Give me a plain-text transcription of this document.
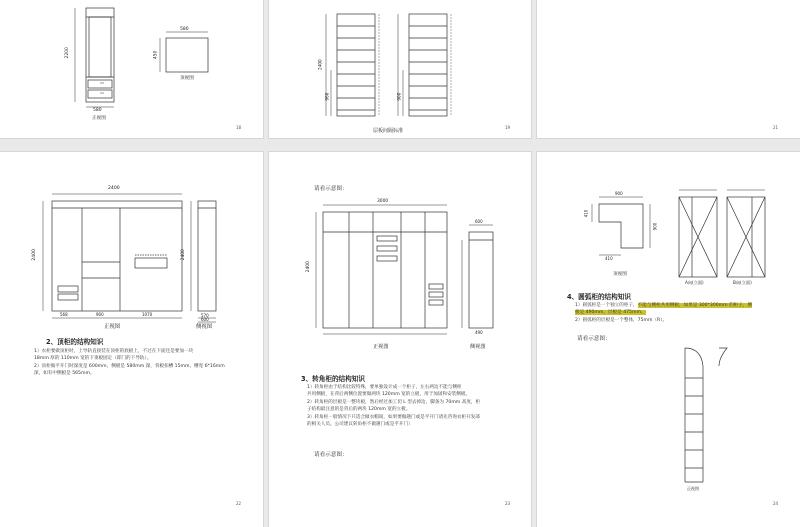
580
2200
580
450
正视图
顶视图
18
2400
960	900
层板间隔标准
19	21
2400
2400	2400
570
600
568	900	1070
正视图	侧视图
2、顶柜的结构知识
1）衣柜要做顶柜时，上导轨直接装在顶柜的底板上，不过在下面还是要加一块
18mm 厚的 110mm 宽的下垂板固定（即门的下导轨）。
2）顶柜做平开门时深度是 600mm，侧板是 580mm 深，背板扣槽 15mm，槽宽 6*16mm
深，如有中侧板是 565mm。
22
请看示意图：
3000
2400
600
490
正视图	侧视图
3、转角柜的结构知识
1）转角柜由于结构比较特殊，要单独设计成一个柜子，左右两边不能与侧柜
共用侧板，在背后两侧位置要做两块 120mm 宽的立板，用于加固和安装侧板。
2）转角柜的层板是一整块板，然后经过加工切 L 型去掉边，脚条为 70mm 高度，柜
子结构最注意的是背后的两块 120mm 宽的立板。
3）转角柜一般情况下只适合做衣帽间，如果要做趟门或是平开门请先咨询衣柜开发部
的相关人员。公司建议转角柜不做趟门或是平开门）
请看示意图：
23
900
410
410
900
顶视图
A向(立面)	B向(立面)
4、圆弧柜的结构知识
1）圆弧柜是一个独立的柜子，不能与侧柜共用侧板，如果是 300*300mm 的柜子，侧
板是 490mm，层板是 475mm。
2）圆弧柜的层板是一个整体，75mm（R）。
请看示意图：
正视图
24
